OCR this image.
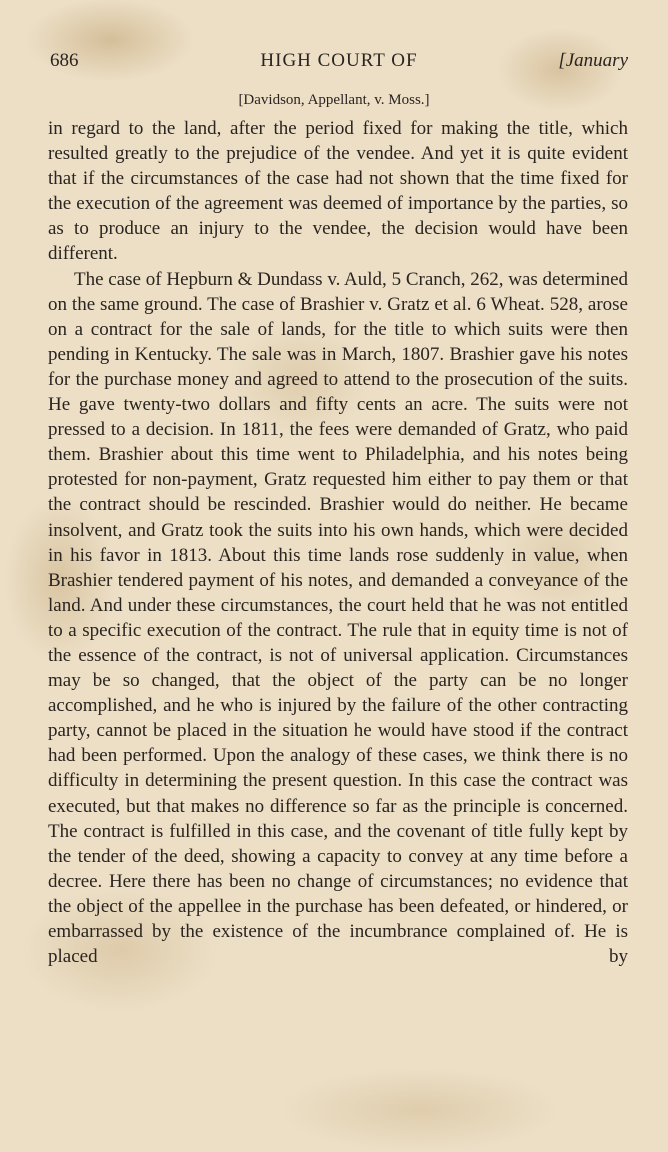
686	HIGH COURT OF	[January
[Davidson, Appellant, v. Moss.]

in regard to the land, after the period fixed for making the title, which resulted greatly to the prejudice of the vendee. And yet it is quite evident that if the circumstances of the case had not shown that the time fixed for the execution of the agreement was deemed of importance by the parties, so as to produce an injury to the vendee, the decision would have been different.

The case of Hepburn & Dundass v. Auld, 5 Cranch, 262, was determined on the same ground. The case of Brashier v. Gratz et al. 6 Wheat. 528, arose on a contract for the sale of lands, for the title to which suits were then pending in Kentucky. The sale was in March, 1807. Brashier gave his notes for the purchase money and agreed to attend to the prosecution of the suits. He gave twenty-two dollars and fifty cents an acre. The suits were not pressed to a decision. In 1811, the fees were demanded of Gratz, who paid them. Brashier about this time went to Philadelphia, and his notes being protested for non-payment, Gratz requested him either to pay them or that the contract should be rescinded. Brashier would do neither. He became insolvent, and Gratz took the suits into his own hands, which were decided in his favor in 1813. About this time lands rose suddenly in value, when Brashier tendered payment of his notes, and demanded a conveyance of the land. And under these circumstances, the court held that he was not entitled to a specific execution of the contract. The rule that in equity time is not of the essence of the contract, is not of universal application. Circumstances may be so changed, that the object of the party can be no longer accomplished, and he who is injured by the failure of the other contracting party, cannot be placed in the situation he would have stood if the contract had been performed. Upon the analogy of these cases, we think there is no difficulty in determining the present question. In this case the contract was executed, but that makes no difference so far as the principle is concerned. The contract is fulfilled in this case, and the covenant of title fully kept by the tender of the deed, showing a capacity to convey at any time before a decree. Here there has been no change of circumstances; no evidence that the object of the appellee in the purchase has been defeated, or hindered, or embarrassed by the existence of the incumbrance complained of. He is placed by
